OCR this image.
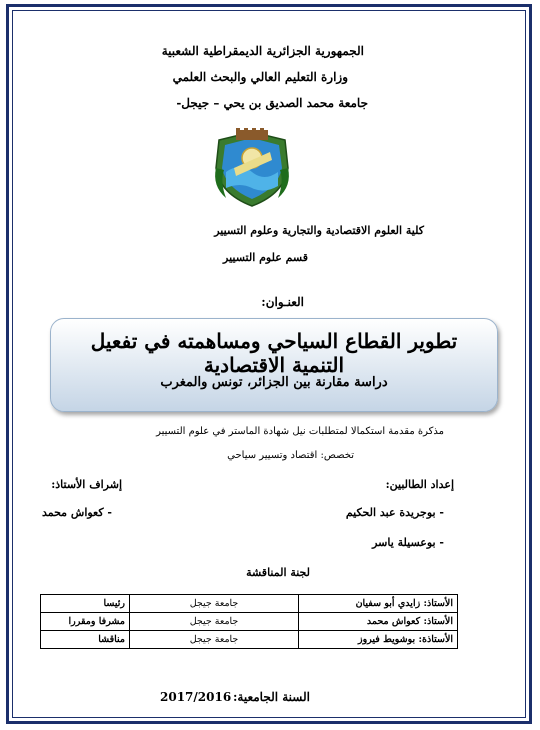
الجمهورية الجزائرية الديمقراطية الشعبية
وزارة التعليم العالي والبحث العلمي
جامعة محمد الصديق بن يحي – جيجل-
كلية العلوم الاقتصادية والتجارية وعلوم التسيير
قسم علوم التسيير
العنـوان:
تطوير القطاع السياحي ومساهمته في تفعيل التنمية الاقتصادية
دراسة مقارنة بين الجزائر، تونس والمغرب
مذكرة مقدمة استكمالا لمتطلبات نيل شهادة الماستر في علوم التسيير
تخصص: اقتصاد وتسيير سياحي
إعداد الطالبين:
إشراف الأستاذ:
- بوجريدة عبد الحكيم
- كعواش محمد
- بوعسيلة ياسر
لجنة المناقشة
الأستاذ: زايدي أبو سفيان	جامعة جيجل	رئيسا
الأستاذ: كعواش محمد	جامعة جيجل	مشرفا ومقررا
الأستاذة: بوشويط فيروز	جامعة جيجل	مناقشا
السنة الجامعية:
2017/2016
